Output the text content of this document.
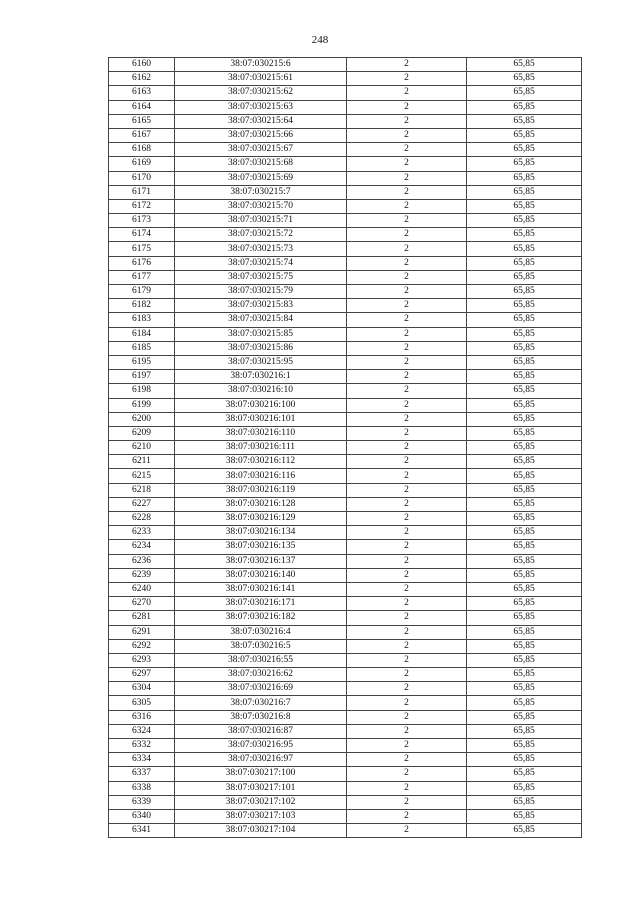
248
6160	38:07:030215:6	2	65,85
6162	38:07:030215:61	2	65,85
6163	38:07:030215:62	2	65,85
6164	38:07:030215:63	2	65,85
6165	38:07:030215:64	2	65,85
6167	38:07:030215:66	2	65,85
6168	38:07:030215:67	2	65,85
6169	38:07:030215:68	2	65,85
6170	38:07:030215:69	2	65,85
6171	38:07:030215:7	2	65,85
6172	38:07:030215:70	2	65,85
6173	38:07:030215:71	2	65,85
6174	38:07:030215:72	2	65,85
6175	38:07:030215:73	2	65,85
6176	38:07:030215:74	2	65,85
6177	38:07:030215:75	2	65,85
6179	38:07:030215:79	2	65,85
6182	38:07:030215:83	2	65,85
6183	38:07:030215:84	2	65,85
6184	38:07:030215:85	2	65,85
6185	38:07:030215:86	2	65,85
6195	38:07:030215:95	2	65,85
6197	38:07:030216:1	2	65,85
6198	38:07:030216:10	2	65,85
6199	38:07:030216:100	2	65,85
6200	38:07:030216:101	2	65,85
6209	38:07:030216:110	2	65,85
6210	38:07:030216:111	2	65,85
6211	38:07:030216:112	2	65,85
6215	38:07:030216:116	2	65,85
6218	38:07:030216:119	2	65,85
6227	38:07:030216:128	2	65,85
6228	38:07:030216:129	2	65,85
6233	38:07:030216:134	2	65,85
6234	38:07:030216:135	2	65,85
6236	38:07:030216:137	2	65,85
6239	38:07:030216:140	2	65,85
6240	38:07:030216:141	2	65,85
6270	38:07:030216:171	2	65,85
6281	38:07:030216:182	2	65,85
6291	38:07:030216:4	2	65,85
6292	38:07:030216:5	2	65,85
6293	38:07:030216:55	2	65,85
6297	38:07:030216:62	2	65,85
6304	38:07:030216:69	2	65,85
6305	38:07:030216:7	2	65,85
6316	38:07:030216:8	2	65,85
6324	38:07:030216:87	2	65,85
6332	38:07:030216:95	2	65,85
6334	38:07:030216:97	2	65,85
6337	38:07:030217:100	2	65,85
6338	38:07:030217:101	2	65,85
6339	38:07:030217:102	2	65,85
6340	38:07:030217:103	2	65,85
6341	38:07:030217:104	2	65,85
